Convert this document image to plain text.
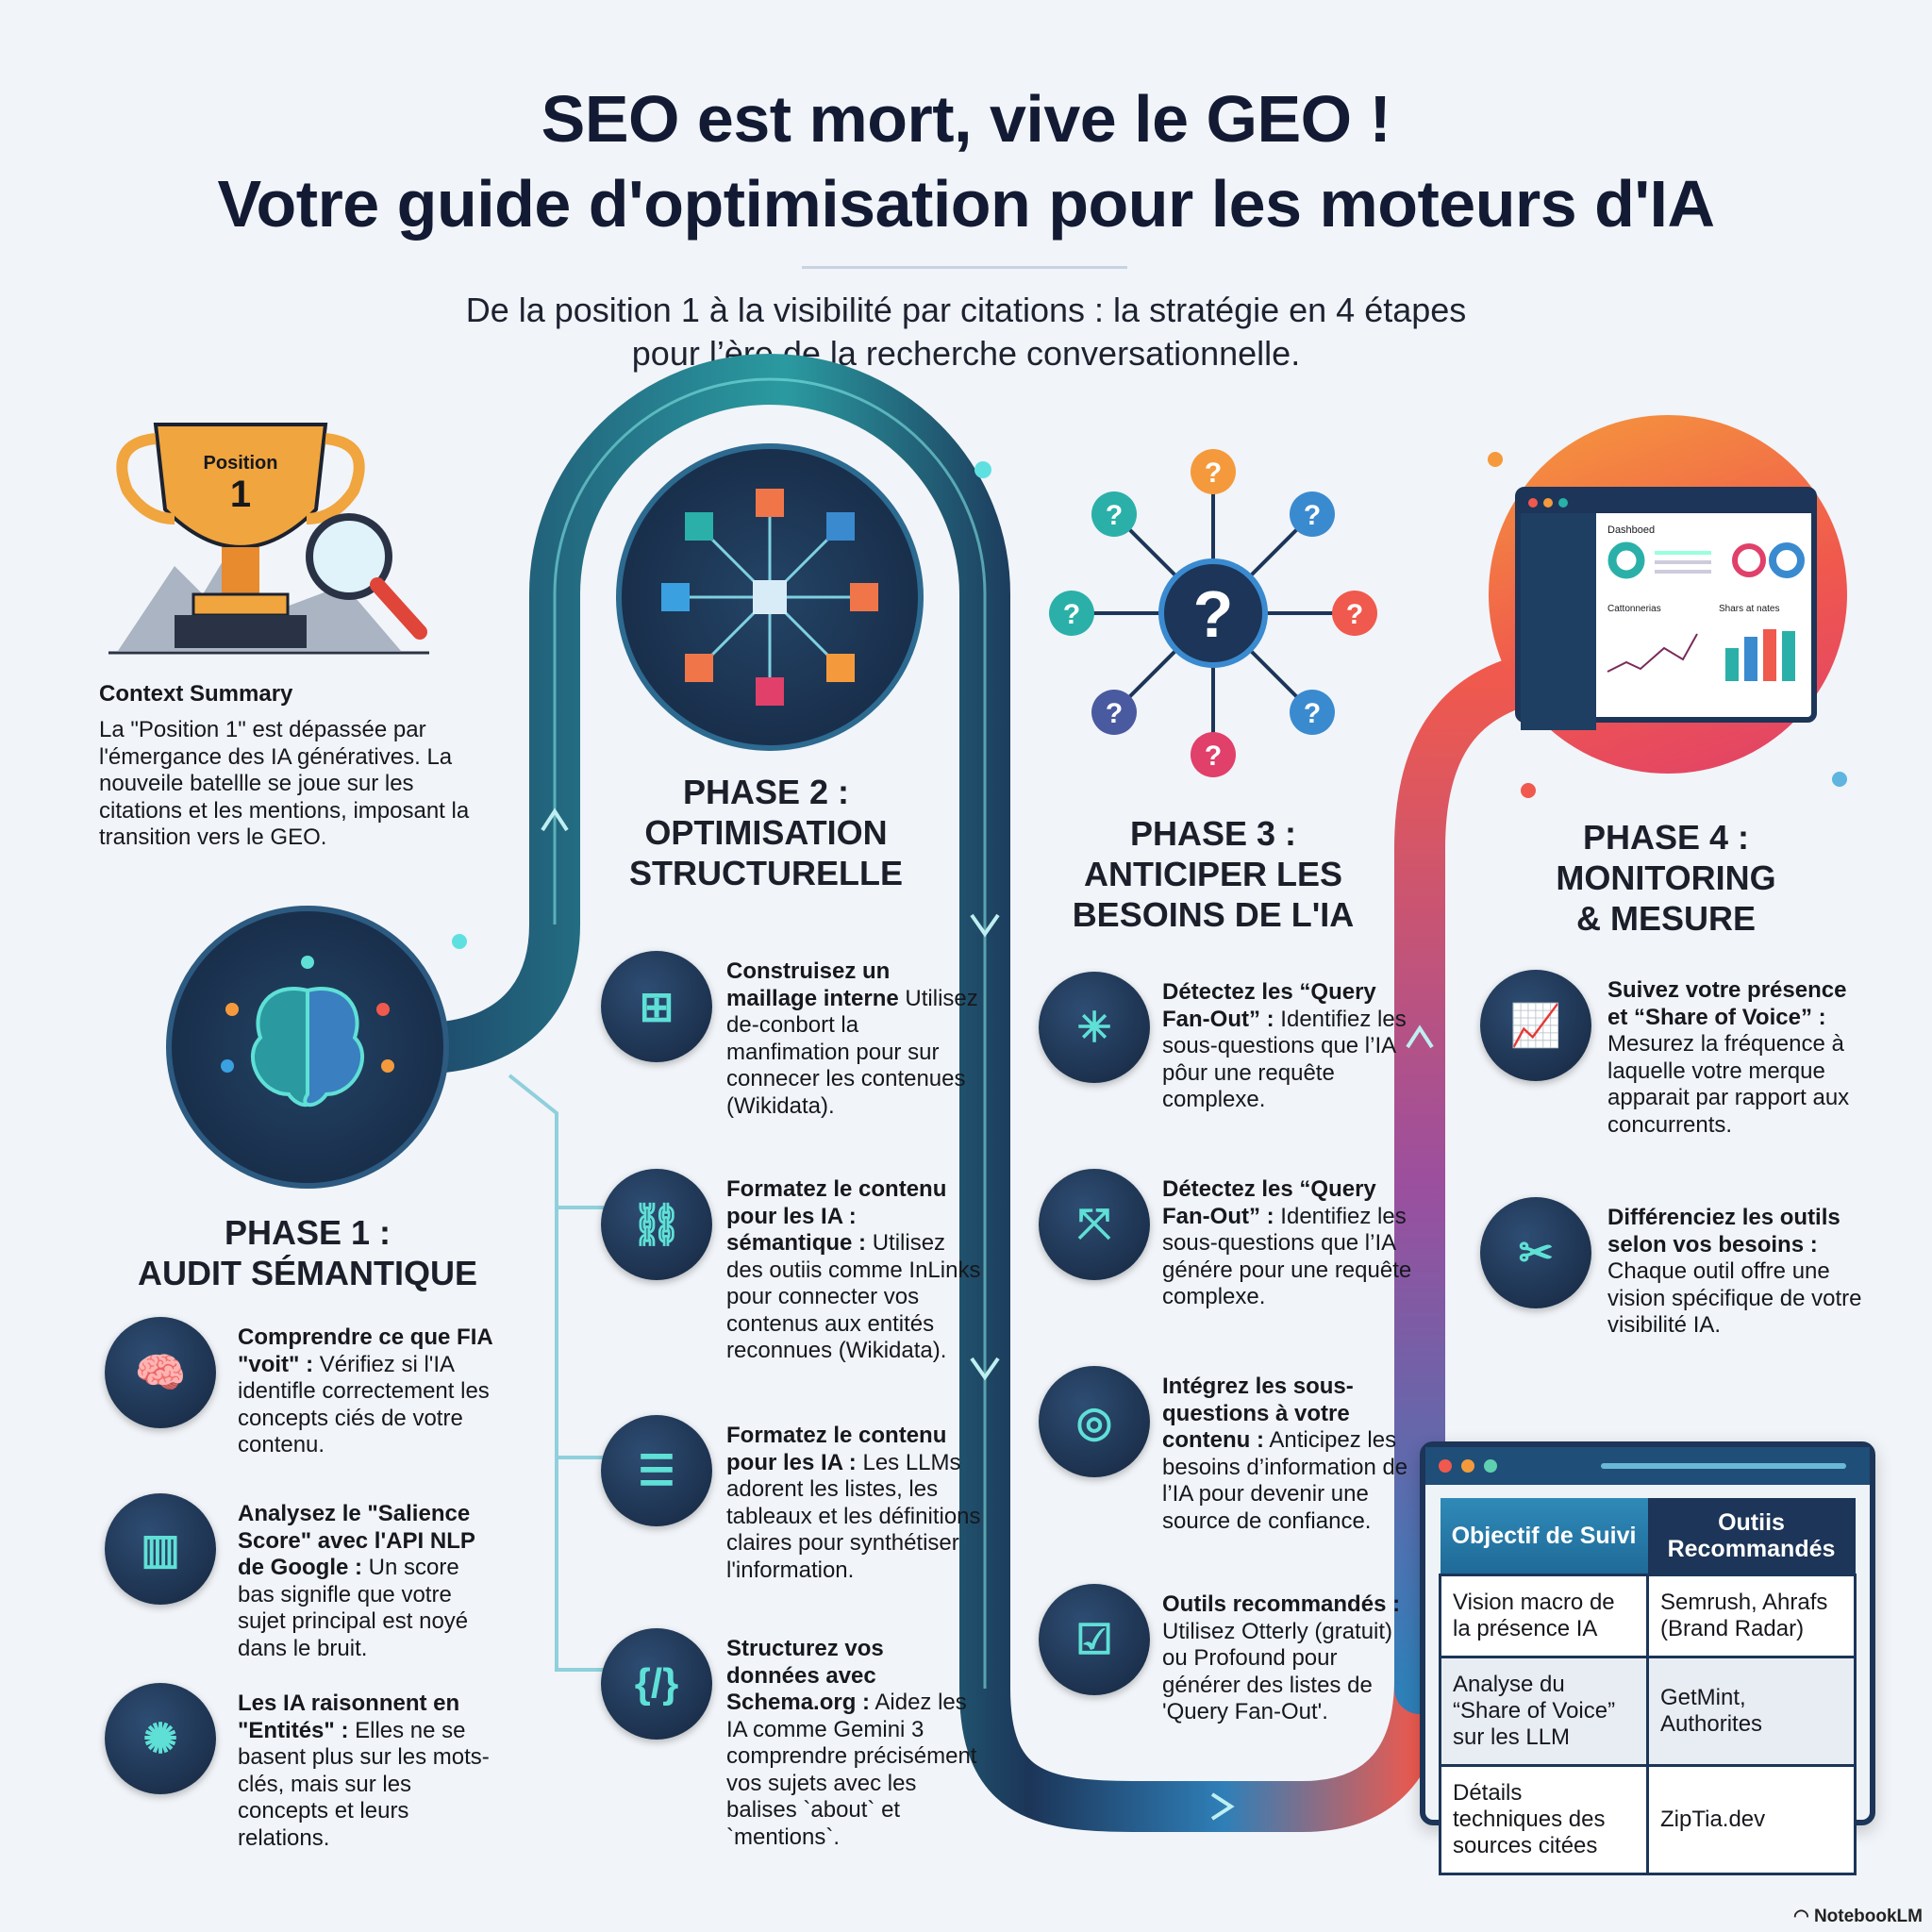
SEO est mort, vive le GEO !
Votre guide d'optimisation pour les moteurs d'IA
De la position 1 à la visibilité par citations : la stratégie en 4 étapes
pour l’ère de la recherche conversationnelle.
Position
1
Context Summary
La "Position 1" est dépassée par l'émergance des IA génératives. La nouveile batellle se joue sur les citations et les mentions, imposant la transition vers le GEO.
?
?
?
?	?
?	?
?	?
Dashboed
Cattonnerias	Shars at nates
PHASE 1 :
AUDIT SÉMANTIQUE
PHASE 2 :
OPTIMISATION
STRUCTURELLE
PHASE 3 :
ANTICIPER LES
BESOINS DE L'IA
PHASE 4 :
MONITORING
& MESURE
🧠
Comprendre ce que FIA "voit" : Vérifiez si l'IA identifle correctement les concepts ciés de votre contenu.
▥
Analysez le "Salience Score" avec l'API NLP de Google : Un score bas signifle que votre sujet principal est noyé dans le bruit.
✺
Les IA raisonnent en "Entités" : Elles ne se basent plus sur les mots-clés, mais sur les concepts et leurs relations.
⊞
Construisez un maillage interne Utilisez de-conbort la manfimation pour sur connecer les contenues (Wikidata).
⛓
Formatez le contenu pour les IA : sémantique : Utilisez des outiis comme InLinks pour connecter vos contenus aux entités reconnues (Wikidata).
☰
Formatez le contenu pour les IA : Les LLMs adorent les listes, les tableaux et les définitions claires pour synthétiser l'information.
{/}
Structurez vos données avec Schema.org : Aidez les IA comme Gemini 3 comprendre précisément vos sujets avec les balises `about` et `mentions`.
✳
Détectez les “Query Fan-Out” : Identifiez les sous-questions que l’IA pôur une requête complexe.
⤧
Détectez les “Query Fan-Out” : Identifiez les sous-questions que l’IA génére pour une requête complexe.
◎
Intégrez les sous-questions à votre contenu : Anticipez les besoins d’information de l’IA pour devenir une source de confiance.
☑
Outils recommandés : Utilisez Otterly (gratuit) ou Profound pour générer des listes de 'Query Fan-Out'.
📈
Suivez votre présence et “Share of Voice” : Mesurez la fréquence à laquelle votre merque apparait par rapport aux concurrents.
✂
Différenciez les outils selon vos besoins : Chaque outil offre une vision spécifique de votre visibilité IA.
Objectif de Suivi	Outiis Recommandés
Vision macro de la présence IA	Semrush, Ahrafs (Brand Radar)
Analyse du “Share of Voice” sur les LLM	GetMint, Authorites
Détails techniques des sources citées	ZipTia.dev
◠ NotebookLM
